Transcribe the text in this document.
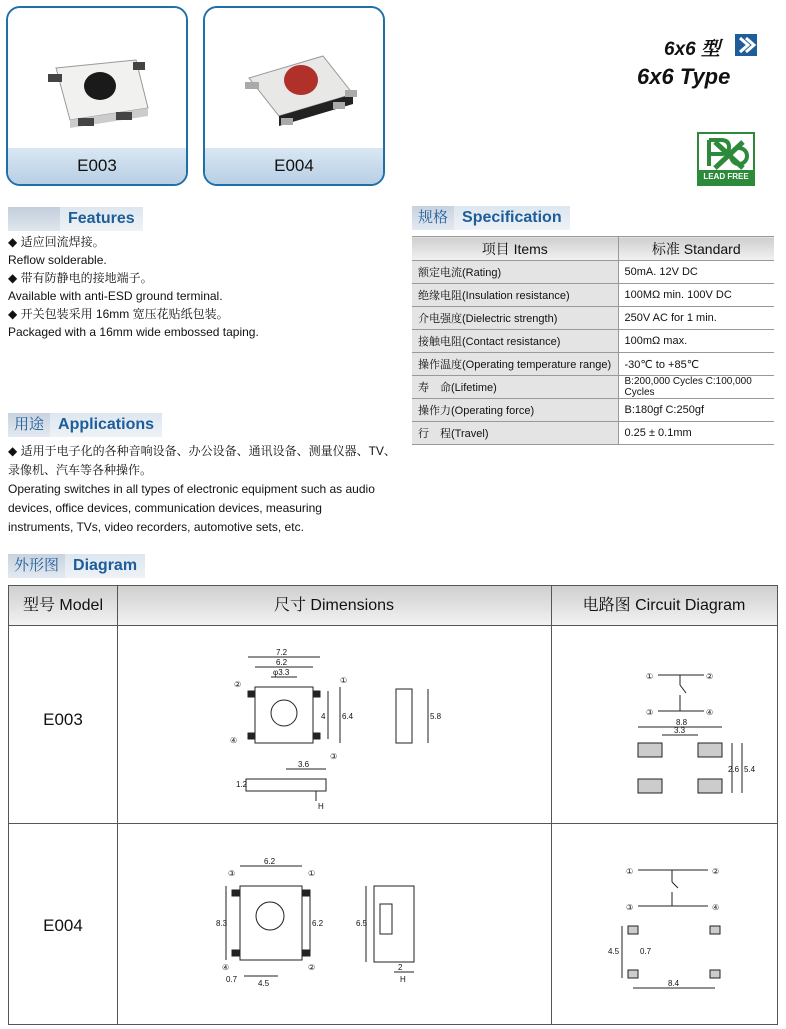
E003	E004
6x6 型
6x6 Type
LEAD FREE
Features
◆ 适应回流焊接。
Reflow solderable.
◆ 带有防静电的接地端子。
Available with anti-ESD ground terminal.
◆ 开关包装采用 16mm 宽压花贴纸包装。
Packaged with a 16mm wide embossed taping.
规格 Specification
项目 Items	标准 Standard
额定电流(Rating)	50mA. 12V DC
绝缘电阻(Insulation resistance)	100MΩ min. 100V DC
介电强度(Dielectric strength)	250V AC for 1 min.
接触电阻(Contact resistance)	100mΩ max.
操作温度(Operating temperature range)	-30℃ to +85℃
寿　命(Lifetime)	B:200,000 Cycles C:100,000 Cycles
操作力(Operating force)	B:180gf C:250gf
行　程(Travel)	0.25 ± 0.1mm
用途 Applications
◆ 适用于电子化的各种音响设备、办公设备、通讯设备、测量仪器、TV、
录像机、汽车等各种操作。
Operating switches in all types of electronic equipment such as audio
devices, office devices, communication devices, measuring
instruments, TVs, video recorders, automotive sets, etc.
外形图 Diagram
型号 Model	尺寸 Dimensions	电路图 Circuit Diagram
E003
E004
7.2
6.2
φ3.3
4 6.4	5.8
3.6
1.2
H
②	①
④
③
①	②
③	④
8.8
3.3
2.6 5.4
6.2
8.3	6.2	6.5
4.5
0.7
2
H
③	①
④	②
①	②
③	④
4.5	0.7
8.4
